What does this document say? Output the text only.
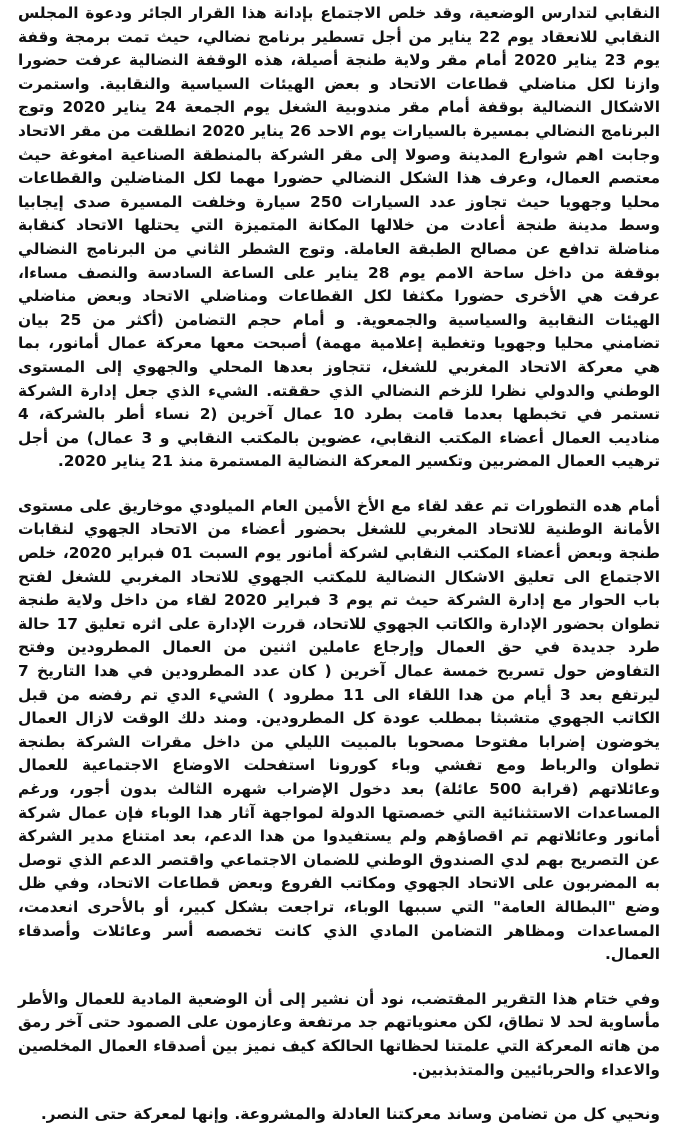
النقابي لتدارس الوضعية، وقد خلص الاجتماع بإدانة هذا القرار الجائر ودعوة المجلس النقابي للانعقاد يوم 22 يناير من أجل تسطير برنامج نضالي، حيث تمت برمجة وقفة يوم 23 يناير 2020 أمام مقر ولاية طنجة أصيلة، هذه الوقفة النضالية عرفت حضورا وازنا لكل مناضلي قطاعات الاتحاد و بعض الهيئات السياسية والنقابية. واستمرت الاشكال النضالية بوقفة أمام مقر مندوبية الشغل يوم الجمعة 24 يناير 2020 وتوج البرنامج النضالي بمسيرة بالسيارات يوم الاحد 26 يناير 2020 انطلقت من مقر الاتحاد وجابت اهم شوارع المدينة وصولا إلى مقر الشركة بالمنطقة الصناعية امغوغة حيث معتصم العمال، وعرف هذا الشكل النضالي حضورا مهما لكل المناضلين والقطاعات محليا وجهويا حيث تجاوز عدد السيارات 250 سيارة وخلفت المسيرة صدى إيجابيا وسط مدينة طنجة أعادت من خلالها المكانة المتميزة التي يحتلها الاتحاد كنقابة مناضلة تدافع عن مصالح الطبقة العاملة. وتوج الشطر الثاني من البرنامج النضالي بوقفة من داخل ساحة الامم يوم 28 يناير على الساعة السادسة والنصف مساءا، عرفت هي الأخرى حضورا مكثفا لكل القطاعات ومناضلي الاتحاد وبعض مناضلي الهيئات النقابية والسياسية والجمعوية. و أمام حجم التضامن (أكثر من 25 بيان تضامني محليا وجهويا وتغطية إعلامية مهمة) أصبحت معها معركة عمال أمانور، بما هي معركة الاتحاد المغربي للشغل، تتجاوز بعدها المحلي والجهوي إلى المستوى الوطني والدولي نظرا للزخم النضالي الذي حققته. الشيء الذي جعل إدارة الشركة تستمر في تخبطها بعدما قامت بطرد 10 عمال آخرين (2 نساء أطر بالشركة، 4 مناديب العمال أعضاء المكتب النقابي، عضوين بالمكتب النقابي و 3 عمال) من أجل ترهيب العمال المضربين وتكسير المعركة النضالية المستمرة منذ 21 يناير 2020.

أمام هده التطورات تم عقد لقاء مع الأخ الأمين العام الميلودي موخاريق على مستوى الأمانة الوطنية للاتحاد المغربي للشغل بحضور أعضاء من الاتحاد الجهوي لنقابات طنجة وبعض أعضاء المكتب النقابي لشركة أمانور يوم السبت 01 فبراير 2020، خلص الاجتماع الى تعليق الاشكال النضالية للمكتب الجهوي للاتحاد المغربي للشغل لفتح باب الحوار مع إدارة الشركة حيث تم يوم 3 فبراير 2020 لقاء من داخل ولاية طنجة تطوان بحضور الإدارة والكاتب الجهوي للاتحاد، قررت الإدارة على اثره تعليق 17 حالة طرد جديدة في حق العمال وإرجاع عاملين اثنين من العمال المطرودين وفتح التفاوض حول تسريح خمسة عمال آخرين ( كان عدد المطرودين في هدا التاريخ 7 ليرتفع بعد 3 أيام من هدا اللقاء الى 11 مطرود ) الشيء الدي تم رفضه من قبل الكاتب الجهوي متشبثا بمطلب عودة كل المطرودين. ومند دلك الوقت لازال العمال يخوضون إضرابا مفتوحا مصحوبا بالمبيت الليلي من داخل مقرات الشركة بطنجة تطوان والرباط ومع تفشي وباء كورونا استفحلت الاوضاع الاجتماعية للعمال وعائلاتهم (قرابة 500 عائلة) بعد دخول الإضراب شهره الثالث بدون أجور، ورغم المساعدات الاستثنائية التي خصصتها الدولة لمواجهة آثار هدا الوباء فإن عمال شركة أمانور وعائلاتهم تم اقصاؤهم ولم يستفيدوا من هدا الدعم، بعد امتناع مدير الشركة عن التصريح بهم لدي الصندوق الوطني للضمان الاجتماعي واقتصر الدعم الذي توصل به المضربون على الاتحاد الجهوي ومكاتب الفروع وبعض قطاعات الاتحاد، وفي ظل وضع "البطالة العامة" التي سببها الوباء، تراجعت بشكل كبير، أو بالأحرى انعدمت، المساعدات ومظاهر التضامن المادي الذي كانت تخصصه أسر وعائلات وأصدقاء العمال.

وفي ختام هذا التقرير المقتضب، نود أن نشير إلى أن الوضعية المادية للعمال والأطر مأساوية لحد لا تطاق، لكن معنوياتهم جد مرتفعة وعازمون على الصمود حتى آخر رمق من هاته المعركة التي علمتنا لحظاتها الحالكة كيف نميز بين أصدقاء العمال المخلصين والاعداء والحربائيين والمتذبذبين.

ونحيي كل من تضامن وساند معركتنا العادلة والمشروعة. وإنها لمعركة حتى النصر.
